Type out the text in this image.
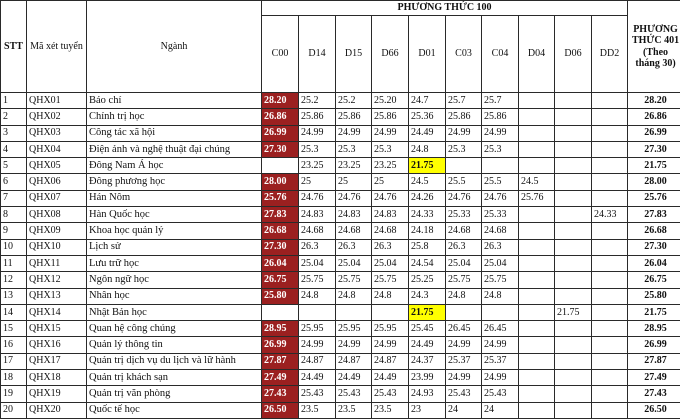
STT	Mã xét tuyển	Ngành	PHƯƠNG THỨC 100										PHƯƠNG THỨC 401 (Theo tháng 30)
			C00	D14	D15	D66	D01	C03	C04	D04	D06	DD2	
1	QHX01	Báo chí	28.20	25.2	25.2	25.20	24.7	25.7	25.7				28.20
2	QHX02	Chính trị học	26.86	25.86	25.86	25.86	25.36	25.86	25.86				26.86
3	QHX03	Công tác xã hội	26.99	24.99	24.99	24.99	24.49	24.99	24.99				26.99
4	QHX04	Điện ảnh và nghệ thuật đại chúng	27.30	25.3	25.3	25.3	24.8	25.3	25.3				27.30
5	QHX05	Đông Nam Á học		23.25	23.25	23.25	21.75						21.75
6	QHX06	Đông phương học	28.00	25	25	25	24.5	25.5	25.5	24.5			28.00
7	QHX07	Hán Nôm	25.76	24.76	24.76	24.76	24.26	24.76	24.76	25.76			25.76
8	QHX08	Hàn Quốc học	27.83	24.83	24.83	24.83	24.33	25.33	25.33			24.33	27.83
9	QHX09	Khoa học quản lý	26.68	24.68	24.68	24.68	24.18	24.68	24.68				26.68
10	QHX10	Lịch sử	27.30	26.3	26.3	26.3	25.8	26.3	26.3				27.30
11	QHX11	Lưu trữ học	26.04	25.04	25.04	25.04	24.54	25.04	25.04				26.04
12	QHX12	Ngôn ngữ học	26.75	25.75	25.75	25.75	25.25	25.75	25.75				26.75
13	QHX13	Nhân học	25.80	24.8	24.8	24.8	24.3	24.8	24.8				25.80
14	QHX14	Nhật Bản học					21.75				21.75		21.75
15	QHX15	Quan hệ công chúng	28.95	25.95	25.95	25.95	25.45	26.45	26.45				28.95
16	QHX16	Quản lý thông tin	26.99	24.99	24.99	24.99	24.49	24.99	24.99				26.99
17	QHX17	Quản trị dịch vụ du lịch và lữ hành	27.87	24.87	24.87	24.87	24.37	25.37	25.37				27.87
18	QHX18	Quản trị khách sạn	27.49	24.49	24.49	24.49	23.99	24.99	24.99				27.49
19	QHX19	Quản trị văn phòng	27.43	25.43	25.43	25.43	24.93	25.43	25.43				27.43
20	QHX20	Quốc tế học	26.50	23.5	23.5	23.5	23	24	24				26.50
